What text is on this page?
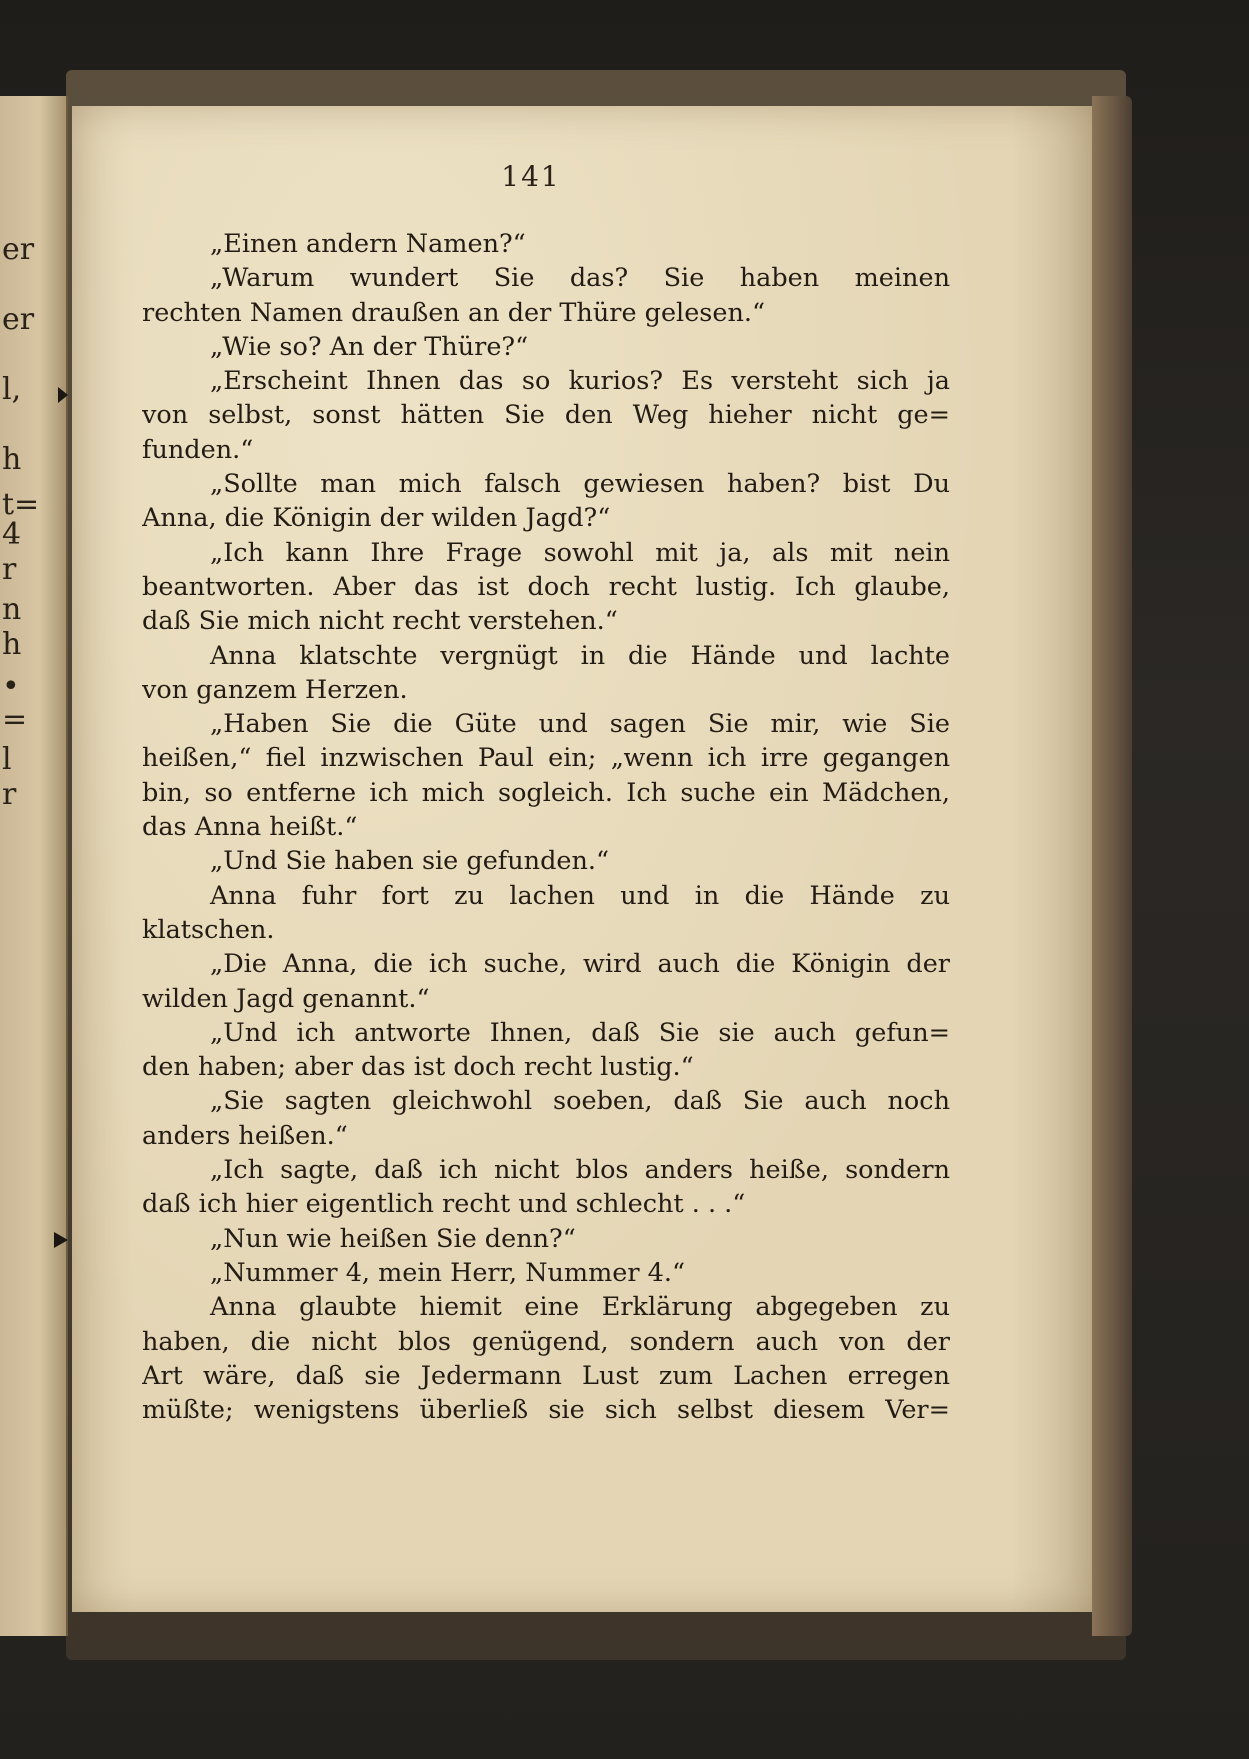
er
er
l,
h
t=
4
r
n
h
•
=
l
r
141
„Einen andern Namen?“
„Warum wundert Sie das? Sie haben meinen
rechten Namen draußen an der Thüre gelesen.“
„Wie so? An der Thüre?“
„Erscheint Ihnen das so kurios? Es versteht sich ja
von selbst, sonst hätten Sie den Weg hieher nicht ge=
funden.“
„Sollte man mich falsch gewiesen haben? bist Du
Anna, die Königin der wilden Jagd?“
„Ich kann Ihre Frage sowohl mit ja, als mit nein
beantworten. Aber das ist doch recht lustig. Ich glaube,
daß Sie mich nicht recht verstehen.“
Anna klatschte vergnügt in die Hände und lachte
von ganzem Herzen.
„Haben Sie die Güte und sagen Sie mir, wie Sie
heißen,“ fiel inzwischen Paul ein; „wenn ich irre gegangen
bin, so entferne ich mich sogleich. Ich suche ein Mädchen,
das Anna heißt.“
„Und Sie haben sie gefunden.“
Anna fuhr fort zu lachen und in die Hände zu
klatschen.
„Die Anna, die ich suche, wird auch die Königin der
wilden Jagd genannt.“
„Und ich antworte Ihnen, daß Sie sie auch gefun=
den haben; aber das ist doch recht lustig.“
„Sie sagten gleichwohl soeben, daß Sie auch noch
anders heißen.“
„Ich sagte, daß ich nicht blos anders heiße, sondern
daß ich hier eigentlich recht und schlecht . . .“
„Nun wie heißen Sie denn?“
„Nummer 4, mein Herr, Nummer 4.“
Anna glaubte hiemit eine Erklärung abgegeben zu
haben, die nicht blos genügend, sondern auch von der
Art wäre, daß sie Jedermann Lust zum Lachen erregen
müßte; wenigstens überließ sie sich selbst diesem Ver=
